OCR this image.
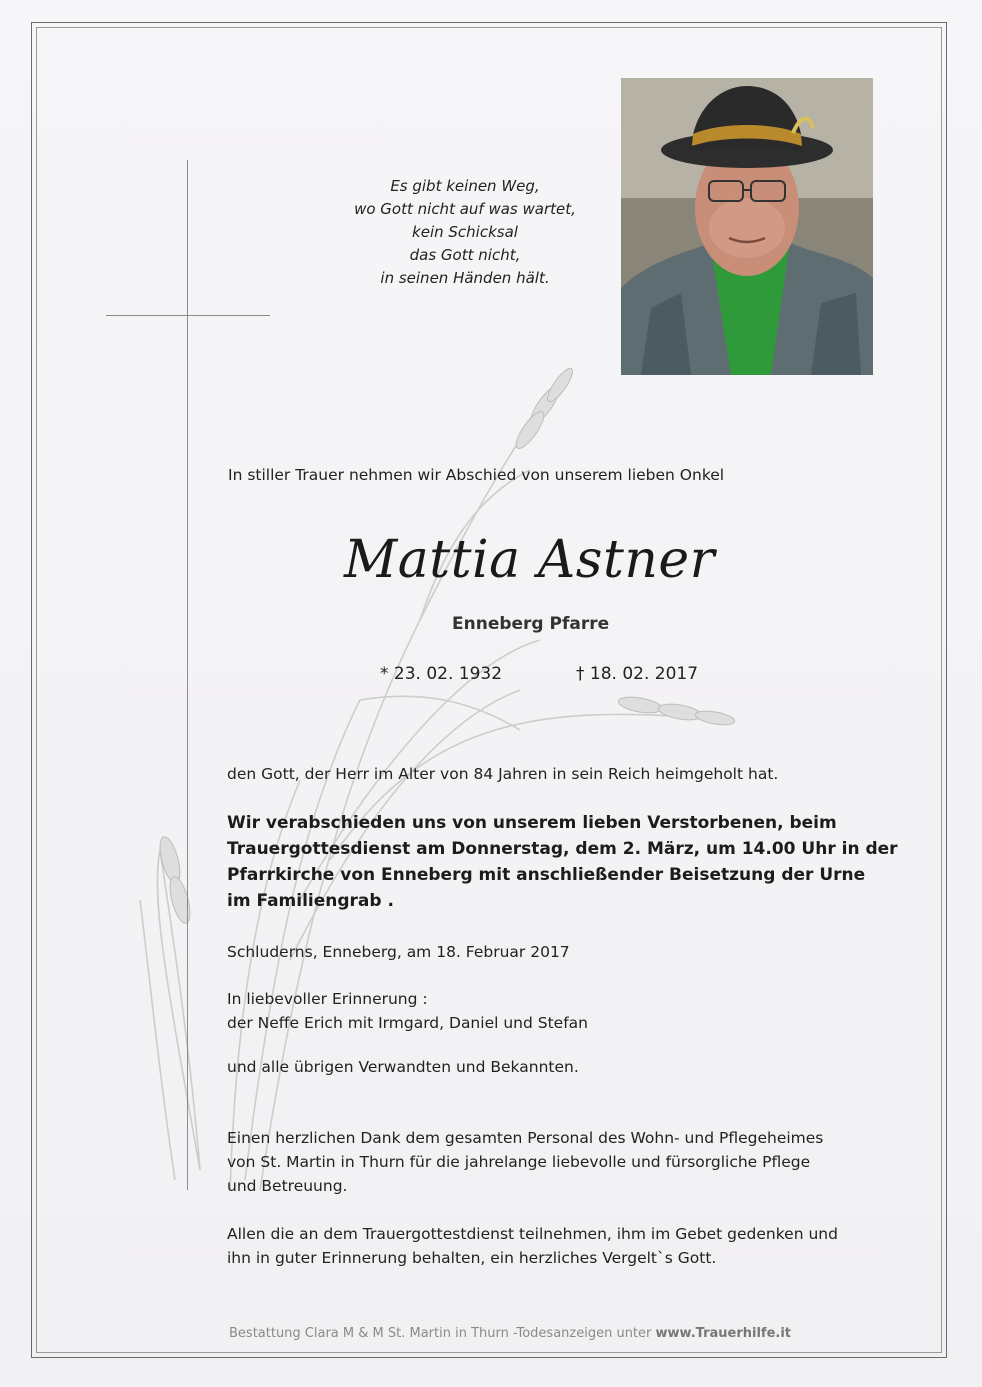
Es gibt keinen Weg,
wo Gott nicht auf was wartet,
kein Schicksal
das Gott nicht,
in seinen Händen hält.
In stiller Trauer nehmen wir Abschied von unserem lieben Onkel
Mattia Astner
Enneberg Pfarre
* 23. 02. 1932	† 18. 02. 2017
den Gott, der Herr im Alter von 84 Jahren in sein Reich heimgeholt hat.
Wir verabschieden uns von unserem lieben Verstorbenen, beim
Trauergottesdienst am Donnerstag, dem 2. März, um 14.00 Uhr in der
Pfarrkirche von Enneberg mit anschließender Beisetzung der Urne
im Familiengrab .
Schluderns, Enneberg, am 18. Februar 2017
In liebevoller Erinnerung :
der Neffe Erich mit Irmgard, Daniel und Stefan
und alle übrigen Verwandten und Bekannten.
Einen herzlichen Dank dem gesamten Personal des Wohn- und Pflegeheimes
von St. Martin in Thurn für die jahrelange liebevolle und fürsorgliche Pflege
und Betreuung.
Allen die an dem Trauergottestdienst teilnehmen, ihm im Gebet gedenken und
ihn in guter Erinnerung behalten, ein herzliches Vergelt`s Gott.
Bestattung Clara M & M St. Martin in Thurn -Todesanzeigen unter www.Trauerhilfe.it
